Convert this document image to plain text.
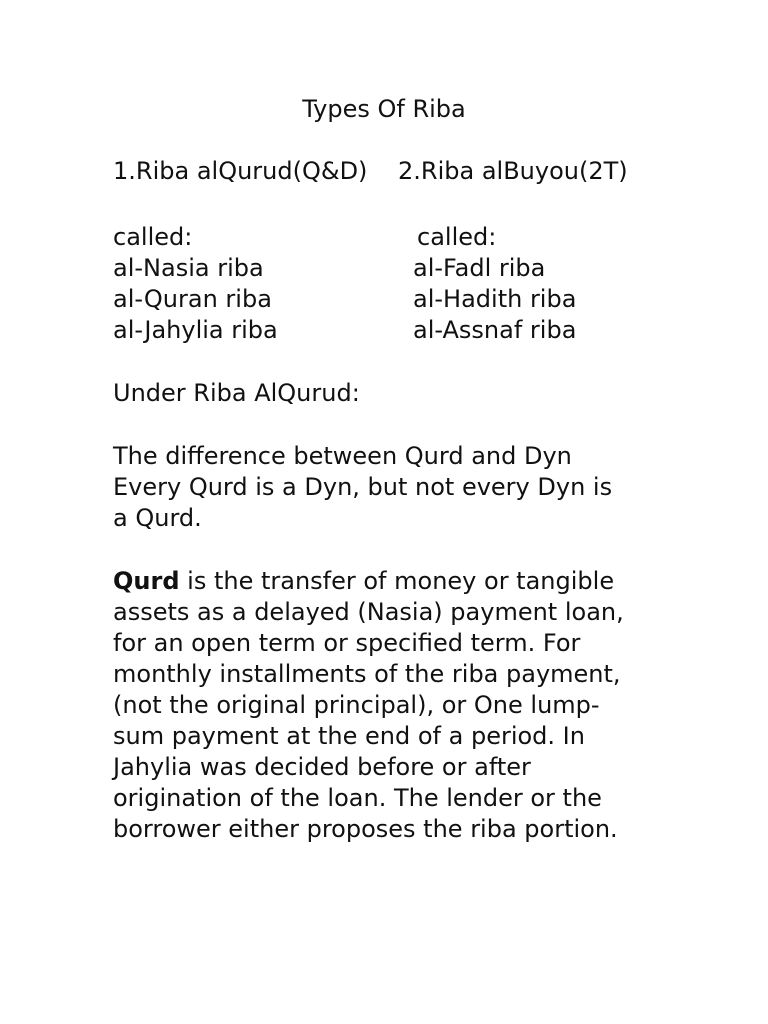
Types Of Riba
1.Riba alQurud(Q&D) 2.Riba alBuyou(2T)
called:	called:
al-Nasia riba	al-Fadl riba
al-Quran riba	al-Hadith riba
al-Jahylia riba	al-Assnaf riba
Under Riba AlQurud:
The difference between Qurd and Dyn
Every Qurd is a Dyn, but not every Dyn is
a Qurd.
Qurd is the transfer of money or tangible
assets as a delayed (Nasia) payment loan,
for an open term or specified term. For
monthly installments of the riba payment,
(not the original principal), or One lump-
sum payment at the end of a period. In
Jahylia was decided before or after
origination of the loan. The lender or the
borrower either proposes the riba portion.
